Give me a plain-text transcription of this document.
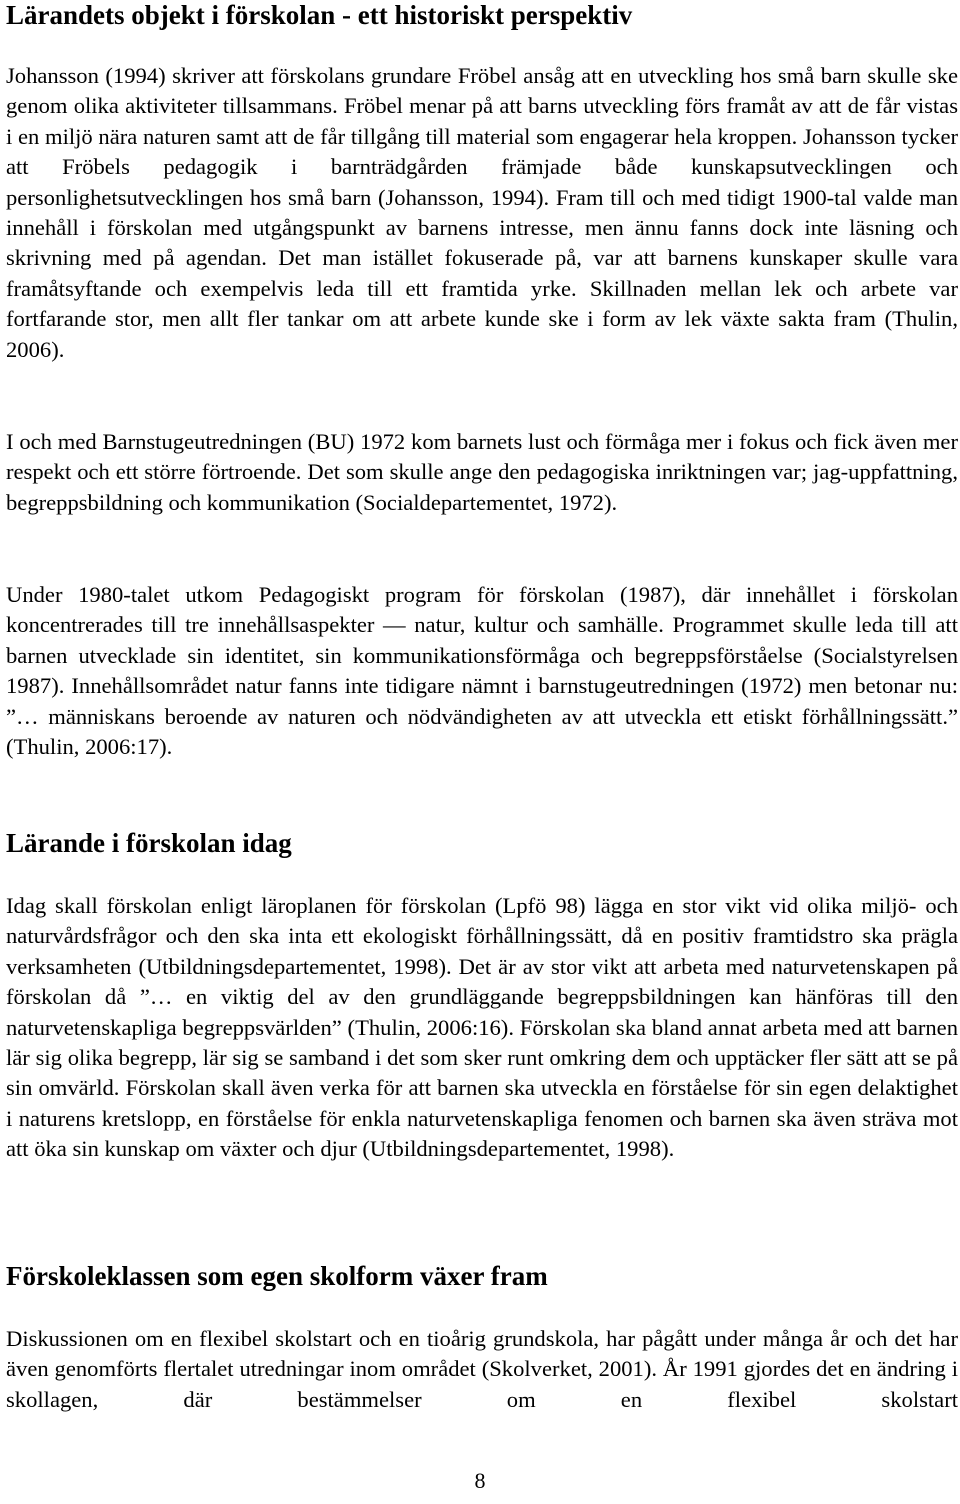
Lärandets objekt i förskolan - ett historiskt perspektiv

Johansson (1994) skriver att förskolans grundare Fröbel ansåg att en utveckling hos små barn skulle ske genom olika aktiviteter tillsammans. Fröbel menar på att barns utveckling förs framåt av att de får vistas i en miljö nära naturen samt att de får tillgång till material som engagerar hela kroppen. Johansson tycker att Fröbels pedagogik i barnträdgården främjade både kunskapsutvecklingen och personlighetsutvecklingen hos små barn (Johansson, 1994). Fram till och med tidigt 1900-tal valde man innehåll i förskolan med utgångspunkt av barnens intresse, men ännu fanns dock inte läsning och skrivning med på agendan. Det man istället fokuserade på, var att barnens kunskaper skulle vara framåtsyftande och exempelvis leda till ett framtida yrke. Skillnaden mellan lek och arbete var fortfarande stor, men allt fler tankar om att arbete kunde ske i form av lek växte sakta fram (Thulin, 2006).

I och med Barnstugeutredningen (BU) 1972 kom barnets lust och förmåga mer i fokus och fick även mer respekt och ett större förtroende. Det som skulle ange den pedagogiska inriktningen var; jag-uppfattning, begreppsbildning och kommunikation (Socialdepartementet, 1972).

Under 1980-talet utkom Pedagogiskt program för förskolan (1987), där innehållet i förskolan koncentrerades till tre innehållsaspekter — natur, kultur och samhälle. Programmet skulle leda till att barnen utvecklade sin identitet, sin kommunikationsförmåga och begreppsförståelse (Socialstyrelsen 1987). Innehållsområdet natur fanns inte tidigare nämnt i barnstugeutredningen (1972) men betonar nu: ”… människans beroende av naturen och nödvändigheten av att utveckla ett etiskt förhållningssätt.” (Thulin, 2006:17).

Lärande i förskolan idag

Idag skall förskolan enligt läroplanen för förskolan (Lpfö 98) lägga en stor vikt vid olika miljö- och naturvårdsfrågor och den ska inta ett ekologiskt förhållningssätt, då en positiv framtidstro ska prägla verksamheten (Utbildningsdepartementet, 1998). Det är av stor vikt att arbeta med naturvetenskapen på förskolan då ”… en viktig del av den grundläggande begreppsbildningen kan hänföras till den naturvetenskapliga begreppsvärlden” (Thulin, 2006:16). Förskolan ska bland annat arbeta med att barnen lär sig olika begrepp, lär sig se samband i det som sker runt omkring dem och upptäcker fler sätt att se på sin omvärld. Förskolan skall även verka för att barnen ska utveckla en förståelse för sin egen delaktighet i naturens kretslopp, en förståelse för enkla naturvetenskapliga fenomen och barnen ska även sträva mot att öka sin kunskap om växter och djur (Utbildningsdepartementet, 1998).

Förskoleklassen som egen skolform växer fram

Diskussionen om en flexibel skolstart och en tioårig grundskola, har pågått under många år och det har även genomförts flertalet utredningar inom området (Skolverket, 2001). År 1991 gjordes det en ändring i skollagen, där bestämmelser om en flexibel skolstart

8
